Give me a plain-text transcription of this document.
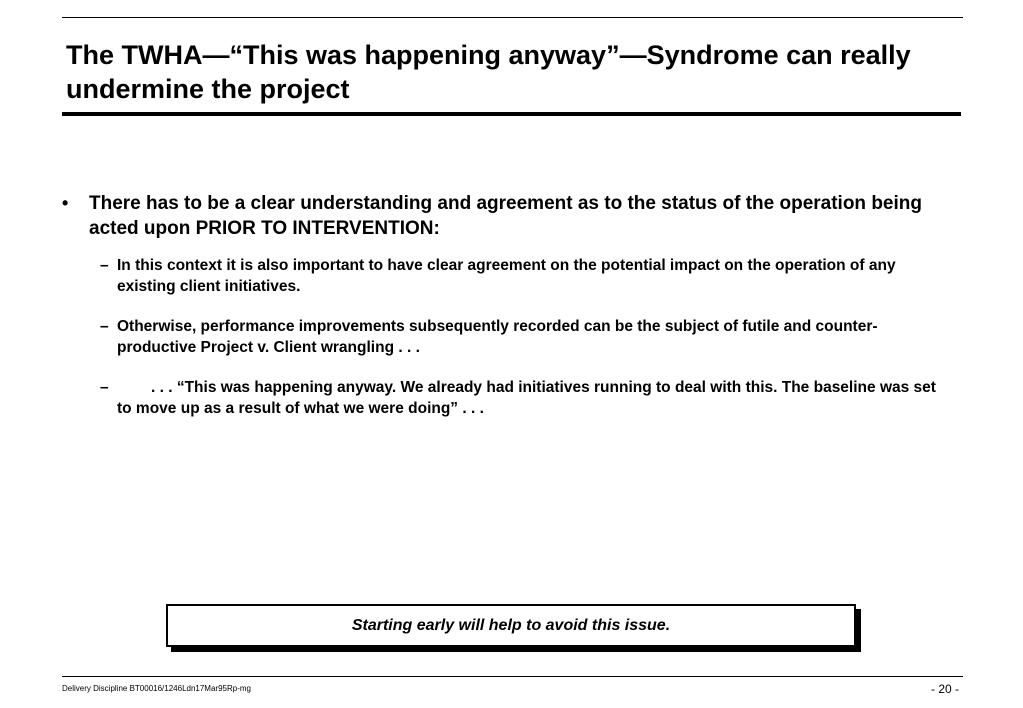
The TWHA—“This was happening anyway”—Syndrome can really undermine the project
• There has to be a clear understanding and agreement as to the status of the operation being acted upon PRIOR TO INTERVENTION:
– In this context it is also important to have clear agreement on the potential impact on the operation of any existing client initiatives.
– Otherwise, performance improvements subsequently recorded can be the subject of futile and counter-productive Project v. Client wrangling . . .
–	. . . “This was happening anyway. We already had initiatives running to deal with this. The baseline was set to move up as a result of what we were doing” . . .
Starting early will help to avoid this issue.
Delivery Discipline BT00016/1246Ldn17Mar95Rp-mg	- 20 -
